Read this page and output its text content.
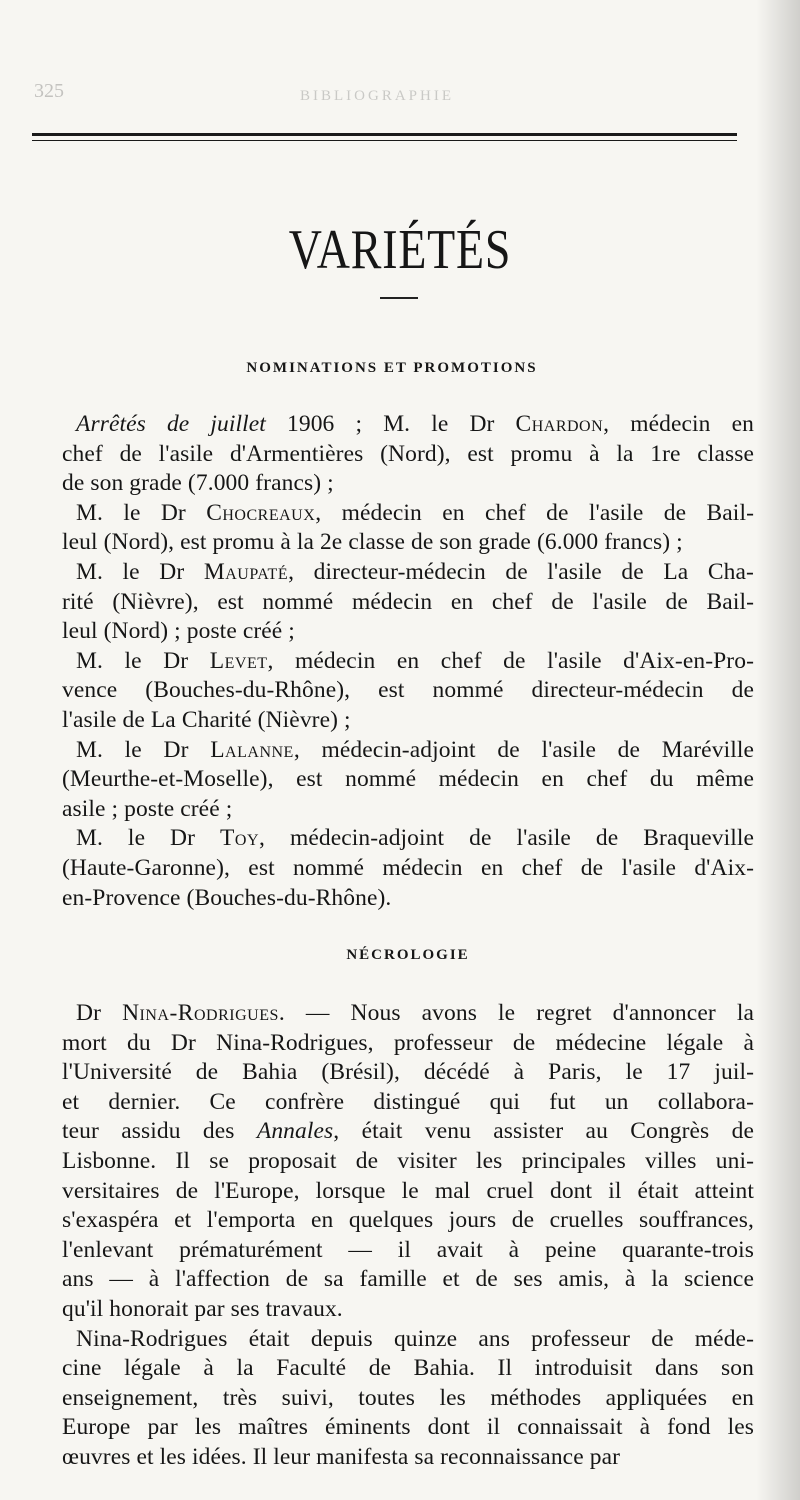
325	BIBLIOGRAPHIE
VARIÉTÉS
NOMINATIONS ET PROMOTIONS
Arrêtés de juillet 1906 ; M. le Dr Chardon, médecin en
chef de l'asile d'Armentières (Nord), est promu à la 1re classe
de son grade (7.000 francs) ;
M. le Dr Chocreaux, médecin en chef de l'asile de Bail-
leul (Nord), est promu à la 2e classe de son grade (6.000 francs) ;
M. le Dr Maupaté, directeur-médecin de l'asile de La Cha-
rité (Nièvre), est nommé médecin en chef de l'asile de Bail-
leul (Nord) ; poste créé ;
M. le Dr Levet, médecin en chef de l'asile d'Aix-en-Pro-
vence (Bouches-du-Rhône), est nommé directeur-médecin de
l'asile de La Charité (Nièvre) ;
M. le Dr Lalanne, médecin-adjoint de l'asile de Maréville
(Meurthe-et-Moselle), est nommé médecin en chef du même
asile ; poste créé ;
M. le Dr Toy, médecin-adjoint de l'asile de Braqueville
(Haute-Garonne), est nommé médecin en chef de l'asile d'Aix-
en-Provence (Bouches-du-Rhône).
NÉCROLOGIE
Dr Nina-Rodrigues. — Nous avons le regret d'annoncer la
mort du Dr Nina-Rodrigues, professeur de médecine légale à
l'Université de Bahia (Brésil), décédé à Paris, le 17 juil-
et dernier. Ce confrère distingué qui fut un collabora-
teur assidu des Annales, était venu assister au Congrès de
Lisbonne. Il se proposait de visiter les principales villes uni-
versitaires de l'Europe, lorsque le mal cruel dont il était atteint
s'exaspéra et l'emporta en quelques jours de cruelles souffrances,
l'enlevant prématurément — il avait à peine quarante-trois
ans — à l'affection de sa famille et de ses amis, à la science
qu'il honorait par ses travaux.
Nina-Rodrigues était depuis quinze ans professeur de méde-
cine légale à la Faculté de Bahia. Il introduisit dans son
enseignement, très suivi, toutes les méthodes appliquées en
Europe par les maîtres éminents dont il connaissait à fond les
œuvres et les idées. Il leur manifesta sa reconnaissance par
